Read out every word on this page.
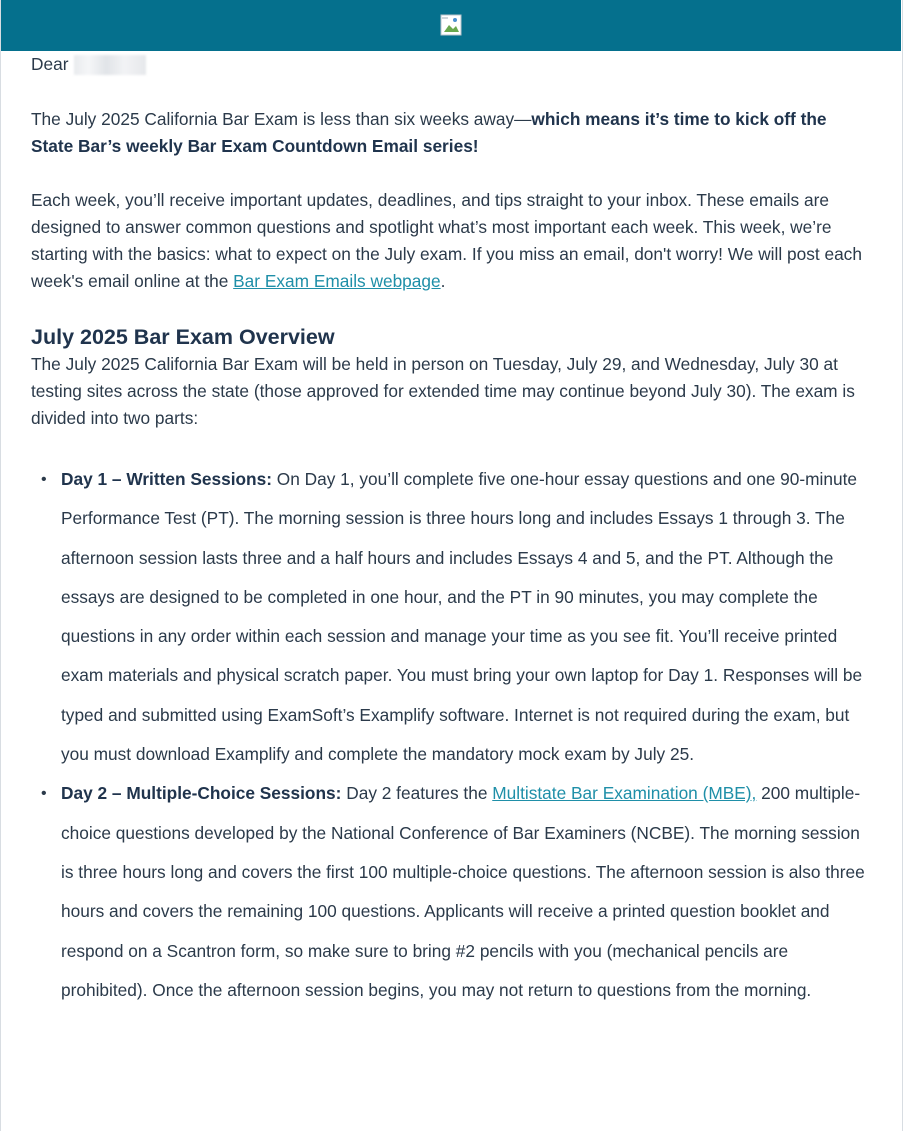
Dear

The July 2025 California Bar Exam is less than six weeks away—which means it’s time to kick off the State Bar’s weekly Bar Exam Countdown Email series!

Each week, you’ll receive important updates, deadlines, and tips straight to your inbox. These emails are designed to answer common questions and spotlight what’s most important each week. This week, we’re starting with the basics: what to expect on the July exam. If you miss an email, don't worry! We will post each week's email online at the Bar Exam Emails webpage.

July 2025 Bar Exam Overview

The July 2025 California Bar Exam will be held in person on Tuesday, July 29, and Wednesday, July 30 at testing sites across the state (those approved for extended time may continue beyond July 30). The exam is divided into two parts:

• Day 1 – Written Sessions: On Day 1, you’ll complete five one-hour essay questions and one 90-minute Performance Test (PT). The morning session is three hours long and includes Essays 1 through 3. The afternoon session lasts three and a half hours and includes Essays 4 and 5, and the PT. Although the essays are designed to be completed in one hour, and the PT in 90 minutes, you may complete the questions in any order within each session and manage your time as you see fit. You’ll receive printed exam materials and physical scratch paper. You must bring your own laptop for Day 1. Responses will be typed and submitted using ExamSoft’s Examplify software. Internet is not required during the exam, but you must download Examplify and complete the mandatory mock exam by July 25.
• Day 2 – Multiple-Choice Sessions: Day 2 features the Multistate Bar Examination (MBE), 200 multiple-choice questions developed by the National Conference of Bar Examiners (NCBE). The morning session is three hours long and covers the first 100 multiple-choice questions. The afternoon session is also three hours and covers the remaining 100 questions. Applicants will receive a printed question booklet and respond on a Scantron form, so make sure to bring #2 pencils with you (mechanical pencils are prohibited). Once the afternoon session begins, you may not return to questions from the morning.
